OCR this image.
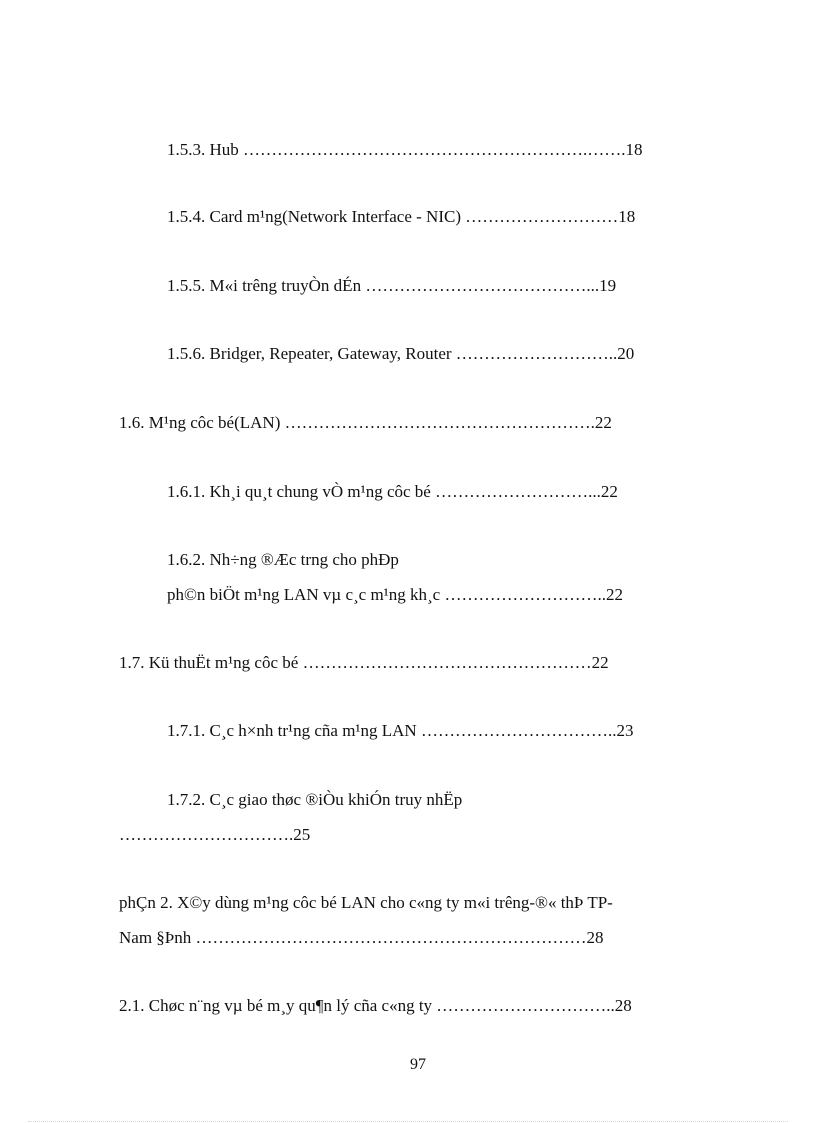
1.5.3. Hub …………………………………………………….…….18
1.5.4. Card m¹ng(Network Interface - NIC) ………………………18
1.5.5. M«i trêng truyÒn dÉn …………………………………...19
1.5.6. Bridger, Repeater, Gateway, Router ………………………..20
1.6. M¹ng côc bé(LAN) ……………………………………………….22
1.6.1. Kh¸i qu¸t chung vÒ m¹ng côc bé ………………………...22
1.6.2. Nh÷ng ®Æc trng cho phÐp
ph©n biÖt m¹ng LAN vµ c¸c m¹ng kh¸c ………………………..22
1.7. Kü thuËt m¹ng côc bé ……………………………………………22
1.7.1. C¸c h×nh tr¹ng cña m¹ng LAN ……………………………..23
1.7.2. C¸c giao thøc ®iÒu khiÓn truy nhËp
………………………….25
phÇn 2. X©y dùng m¹ng côc bé LAN cho c«ng ty m«i trêng-®« thÞ TP-
Nam §Þnh ……………………………………………………………28
2.1. Chøc n¨ng vµ bé m¸y qu¶n lý cña c«ng ty …………………………..28
97
